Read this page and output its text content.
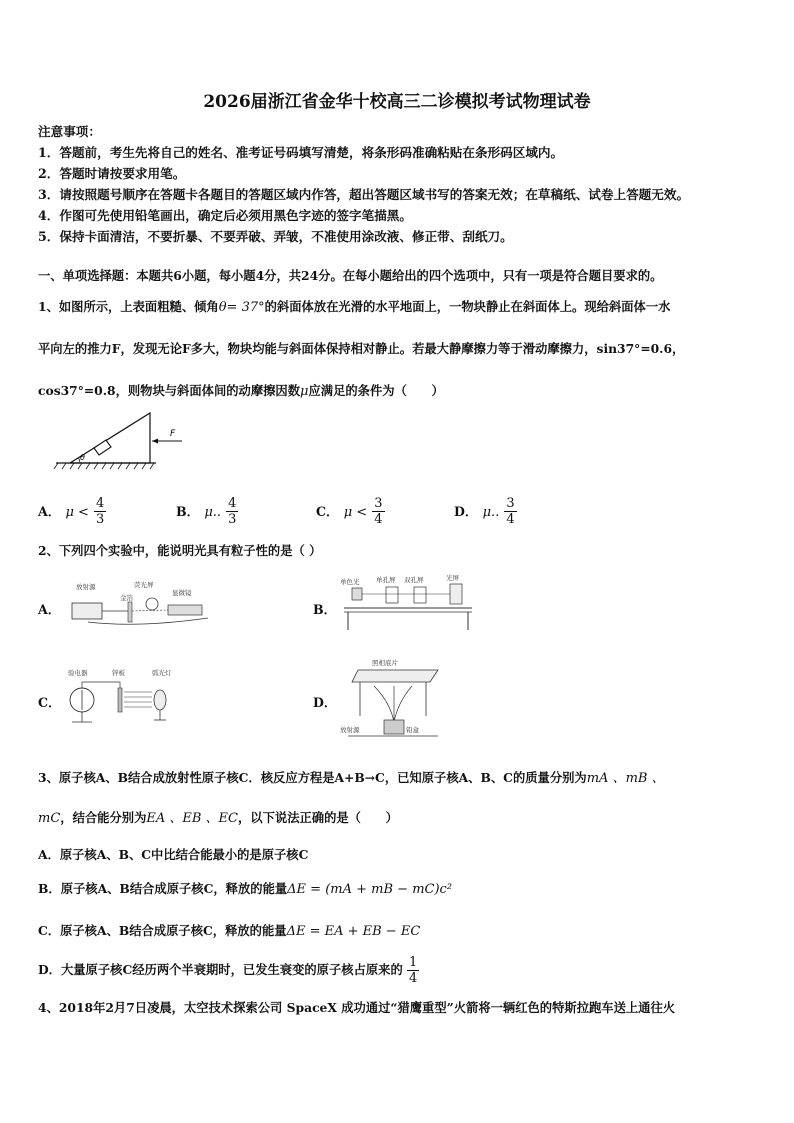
2026届浙江省金华十校高三二诊模拟考试物理试卷
注意事项：
1．答题前，考生先将自己的姓名、准考证号码填写清楚，将条形码准确粘贴在条形码区域内。
2．答题时请按要求用笔。
3．请按照题号顺序在答题卡各题目的答题区域内作答，超出答题区域书写的答案无效；在草稿纸、试卷上答题无效。
4．作图可先使用铅笔画出，确定后必须用黑色字迹的签字笔描黑。
5．保持卡面清洁，不要折暴、不要弄破、弄皱，不准使用涂改液、修正带、刮纸刀。
一、单项选择题：本题共6小题，每小题4分，共24分。在每小题给出的四个选项中，只有一项是符合题目要求的。
1、如图所示，上表面粗糙、倾角θ= 37°的斜面体放在光滑的水平地面上，一物块静止在斜面体上。现给斜面体一水
平向左的推力F，发现无论F多大，物块均能与斜面体保持相对静止。若最大静摩擦力等于滑动摩擦力，sin37°=0.6，
cos37°=0.8，则物块与斜面体间的动摩擦因数μ应满足的条件为（　　）
θ
F
A． $\mu < \frac{4}{3}$	B． μ.. $\frac{4}{3}$	C． $\mu < \frac{3}{4}$	D． μ.. $\frac{3}{4}$
2、下列四个实验中，能说明光具有粒子性的是（ ）
A．
放射源	荧光屏
显微镜
金箔
B．
单色光	单孔屏 双孔屏	光屏
C．
验电器	锌板	弧光灯
D．
照相底片
放射源	铅盒
3、原子核A、B结合成放射性原子核C．核反应方程是A+B→C，已知原子核A、B、C的质量分别为mA 、mB 、
mC，结合能分别为EA 、EB 、EC，以下说法正确的是（　　）
A．原子核A、B、C中比结合能最小的是原子核C
B．原子核A、B结合成原子核C，释放的能量ΔE = (mA + mB − mC)c²
C．原子核A、B结合成原子核C，释放的能量ΔE = EA + EB − EC
D．大量原子核C经历两个半衰期时，已发生衰变的原子核占原来的 $\frac{1}{4}$
4、2018年2月7日凌晨，太空技术探索公司 SpaceX 成功通过“猎鹰重型”火箭将一辆红色的特斯拉跑车送上通往火
